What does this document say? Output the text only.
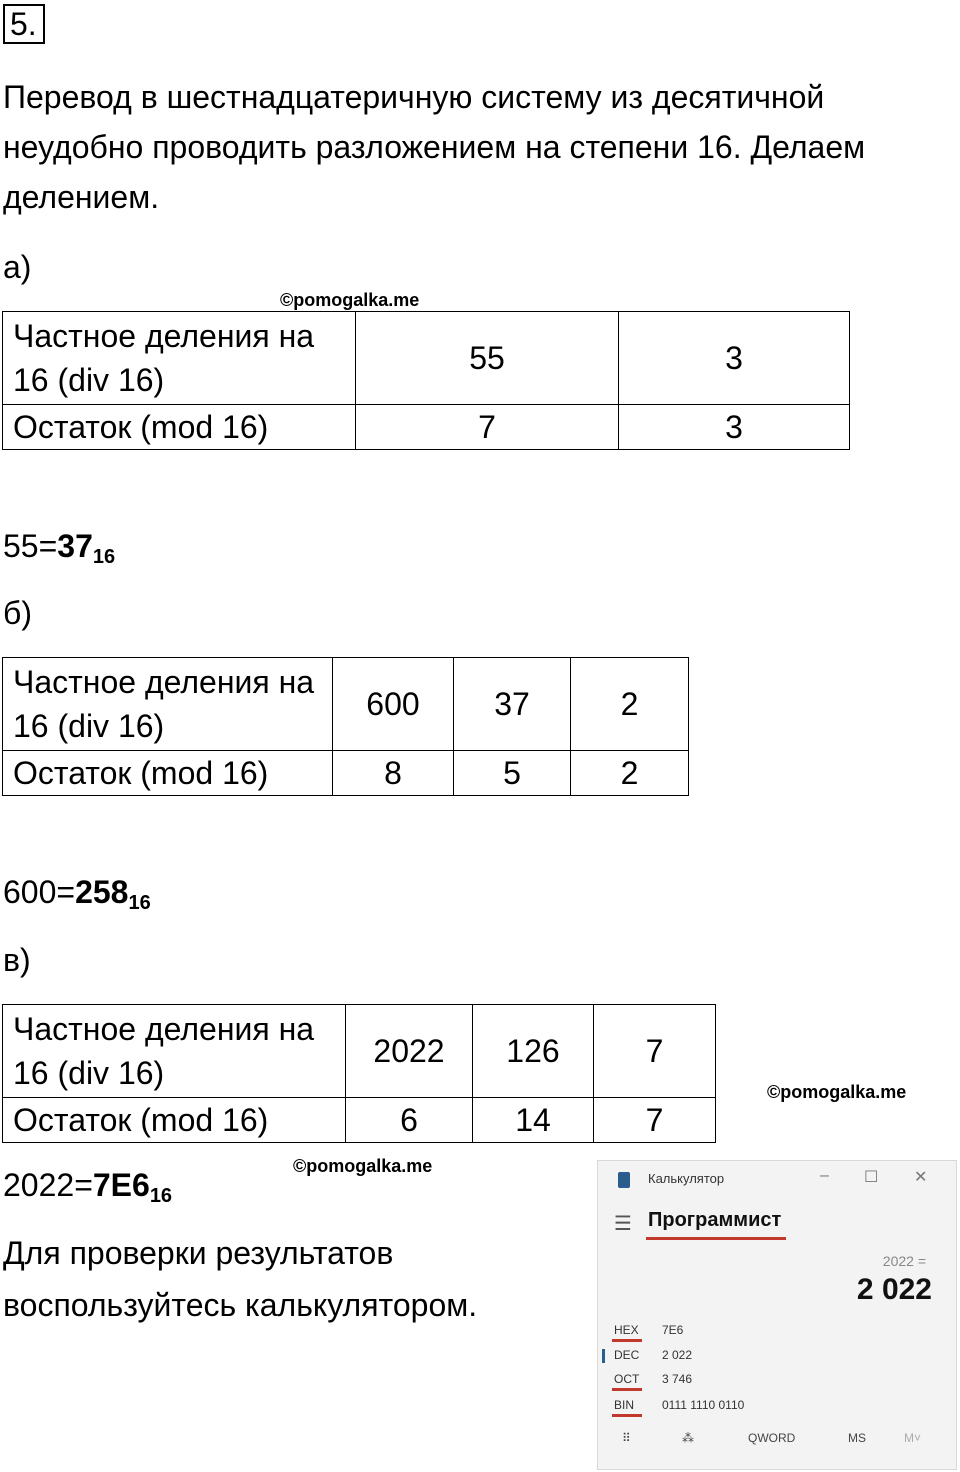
5.
Перевод в шестнадцатеричную систему из десятичной
неудобно проводить разложением на степени 16. Делаем
делением.
а)
©pomogalka.me
Частное деления на 16 (div 16)	55	3
Остаток (mod 16)	7	3
$55=37_{16}$
б)
Частное деления на 16 (div 16)	600	37	2
Остаток (mod 16)	8	5	2
$600=258_{16}$
в)
Частное деления на 16 (div 16)	2022	126	7
Остаток (mod 16)	6	14	7
©pomogalka.me
©pomogalka.me
$2022=7E6_{16}$
Для проверки результатов
воспользуйтесь калькулятором.
Калькулятор	– ☐ ✕
☰ Программист
2022 =
2 022
HEX	7E6
DEC	2 022
OCT	3 746
BIN	0111 1110 0110
⠿	⁂	QWORD	MS	M˅
